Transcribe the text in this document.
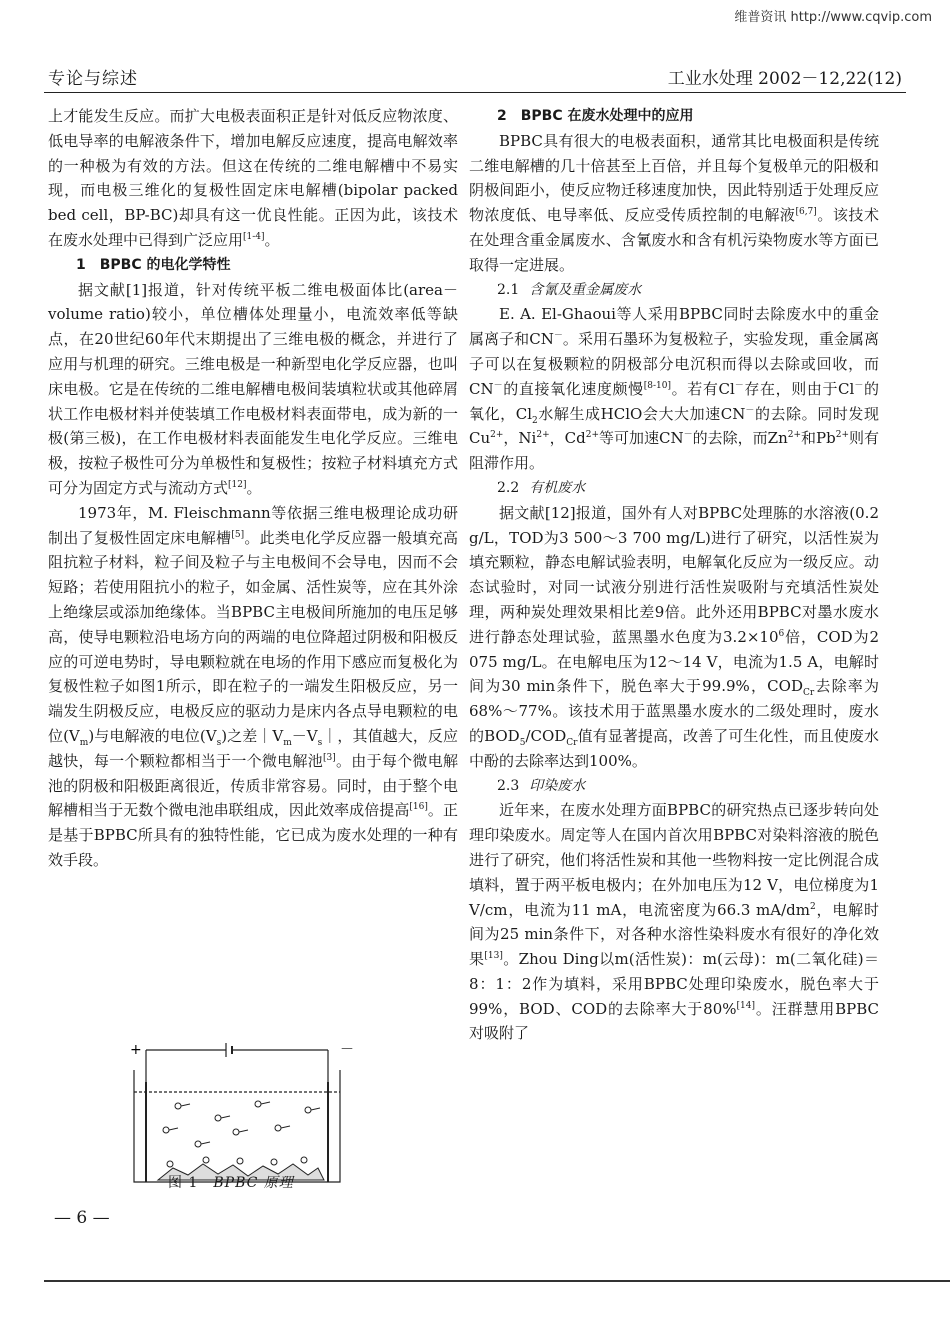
维普资讯 http://www.cqvip.com
专论与综述	工业水处理 2002－12,22(12)

上才能发生反应。而扩大电极表面积正是针对低反应物浓度、低电导率的电解液条件下，增加电解反应速度，提高电解效率的一种极为有效的方法。但这在传统的二维电解槽中不易实现，而电极三维化的复极性固定床电解槽(bipolar packed bed cell，BP-BC)却具有这一优良性能。正因为此，该技术在废水处理中已得到广泛应用[1-4]。

1　BPBC 的电化学特性

据文献[1]报道，针对传统平板二维电极面体比(area－volume ratio)较小，单位槽体处理量小，电流效率低等缺点，在20世纪60年代末期提出了三维电极的概念，并进行了应用与机理的研究。三维电极是一种新型电化学反应器，也叫床电极。它是在传统的二维电解槽电极间装填粒状或其他碎屑状工作电极材料并使装填工作电极材料表面带电，成为新的一极(第三极)，在工作电极材料表面能发生电化学反应。三维电极，按粒子极性可分为单极性和复极性；按粒子材料填充方式可分为固定方式与流动方式[12]。

1973年，M. Fleischmann等依据三维电极理论成功研制出了复极性固定床电解槽[5]。此类电化学反应器一般填充高阻抗粒子材料，粒子间及粒子与主电极间不会导电，因而不会短路；若使用阻抗小的粒子，如金属、活性炭等，应在其外涂上绝缘层或添加绝缘体。当BPBC主电极间所施加的电压足够高，使导电颗粒沿电场方向的两端的电位降超过阴极和阳极反应的可逆电势时，导电颗粒就在电场的作用下感应而复极化为复极性粒子如图1所示，即在粒子的一端发生阳极反应，另一端发生阴极反应，电极反应的驱动力是床内各点导电颗粒的电位$(V_m)$与电解液的电位$(V_s)$之差$|V_m-V_s|$，其值越大，反应越快，每一个颗粒都相当于一个微电解池[3]。由于每个微电解池的阴极和阳极距离很近，传质非常容易。同时，由于整个电解槽相当于无数个微电池串联组成，因此效率成倍提高[16]。正是基于BPBC所具有的独特性能，它已成为废水处理的一种有效手段。

+	－
图 1　 BPBC 原理

2　BPBC 在废水处理中的应用

BPBC具有很大的电极表面积，通常其比电极面积是传统二维电解槽的几十倍甚至上百倍，并且每个复极单元的阳极和阴极间距小，使反应物迁移速度加快，因此特别适于处理反应物浓度低、电导率低、反应受传质控制的电解液[6,7]。该技术在处理含重金属废水、含氰废水和含有机污染物废水等方面已取得一定进展。

2.1 含氰及重金属废水

E. A. El-Ghaoui等人采用BPBC同时去除废水中的重金属离子和CN－。采用石墨环为复极粒子，实验发现，重金属离子可以在复极颗粒的阴极部分电沉积而得以去除或回收，而CN－的直接氧化速度颇慢[8-10]。若有Cl－存在，则由于Cl－的氧化，$Cl_2$水解生成HClO会大大加速CN－的去除。同时发现$Cu^{2+}$，$Ni^{2+}$，$Cd^{2+}$等可加速CN－的去除，而$Zn^{2+}$和$Pb^{2+}$则有阻滞作用。

2.2 有机废水

据文献[12]报道，国外有人对BPBC处理胨的水溶液(0.2 g/L，TOD为3 500～3 700 mg/L)进行了研究，以活性炭为填充颗粒，静态电解试验表明，电解氧化反应为一级反应。动态试验时，对同一试液分别进行活性炭吸附与充填活性炭处理，两种炭处理效果相比差9倍。此外还用BPBC对墨水废水进行静态处理试验，蓝黑墨水色度为$3.2\times 10^6$倍，COD为2 075 mg/L。在电解电压为12～14 V，电流为1.5 A，电解时间为30 min条件下，脱色率大于99.9%，$COD_{Cr}$去除率为68%～77%。该技术用于蓝黑墨水废水的二级处理时，废水的$BOD_5/COD_{Cr}$值有显著提高，改善了可生化性，而且使废水中酚的去除率达到100%。

2.3 印染废水

近年来，在废水处理方面BPBC的研究热点已逐步转向处理印染废水。周定等人在国内首次用BPBC对染料溶液的脱色进行了研究，他们将活性炭和其他一些物料按一定比例混合成填料，置于两平板电极内；在外加电压为12 V，电位梯度为1 V/cm，电流为11 mA，电流密度为66.3 $mA/dm^2$，电解时间为25 min条件下，对各种水溶性染料废水有很好的净化效果[13]。Zhou Ding以m(活性炭)：m(云母)：m(二氧化硅)＝8：1：2作为填料，采用BPBC处理印染废水，脱色率大于99%，BOD、COD的去除率大于80%[14]。汪群慧用BPBC对吸附了

— 6 —
